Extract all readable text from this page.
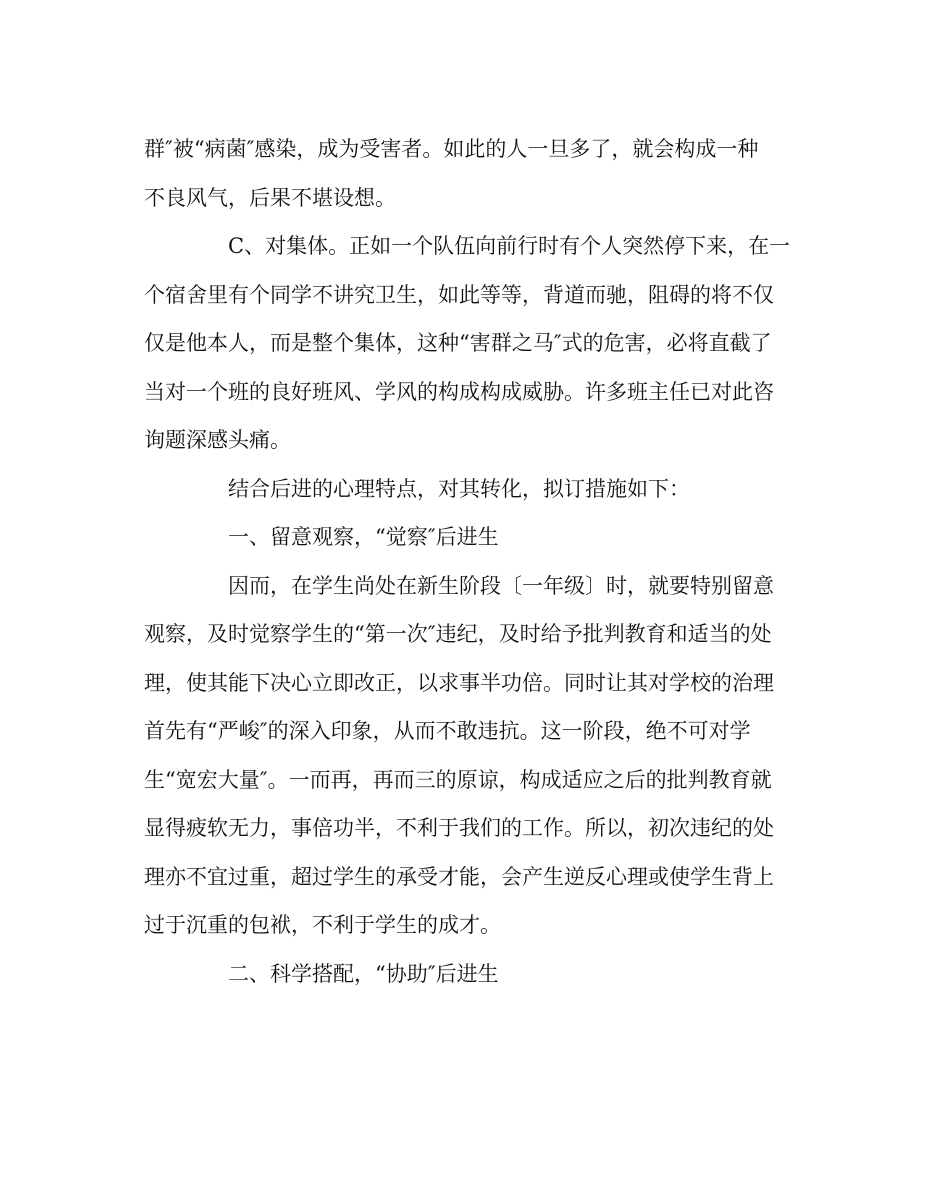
群″被“病菌″感染，成为受害者。如此的人一旦多了，就会构成一种
不良风气，后果不堪设想。

C、对集体。正如一个队伍向前行时有个人突然停下来，在一
个宿舍里有个同学不讲究卫生，如此等等，背道而驰，阻碍的将不仅
仅是他本人，而是整个集体，这种“害群之马″式的危害，必将直截了
当对一个班的良好班风、学风的构成构成威胁。许多班主任已对此咨
询题深感头痛。

结合后进的心理特点，对其转化，拟订措施如下：

一、留意观察，“觉察″后进生

因而，在学生尚处在新生阶段〔一年级〕时，就要特别留意
观察，及时觉察学生的“第一次″违纪，及时给予批判教育和适当的处
理，使其能下决心立即改正，以求事半功倍。同时让其对学校的治理
首先有“严峻″的深入印象，从而不敢违抗。这一阶段，绝不可对学
生“宽宏大量″。一而再，再而三的原谅，构成适应之后的批判教育就
显得疲软无力，事倍功半，不利于我们的工作。所以，初次违纪的处
理亦不宜过重，超过学生的承受才能，会产生逆反心理或使学生背上
过于沉重的包袱，不利于学生的成才。

二、科学搭配，“协助″后进生
